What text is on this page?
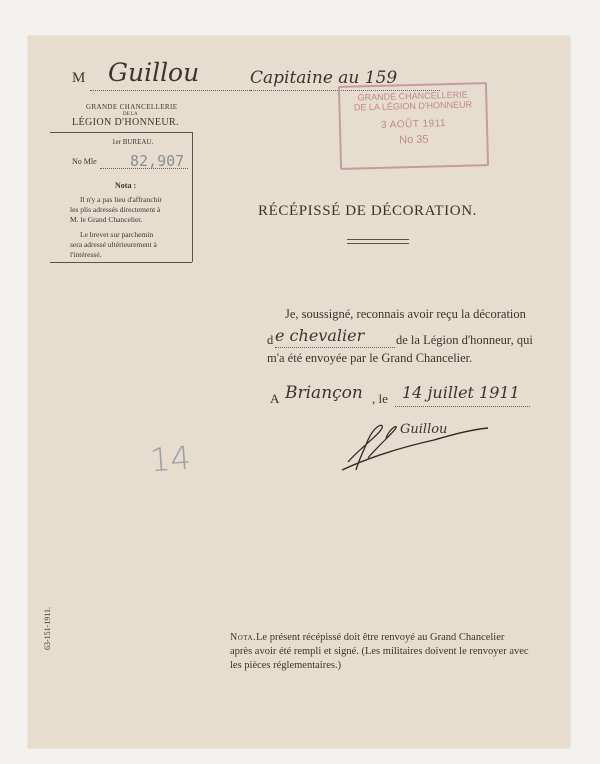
M Guillou	Capitaine au 159
GRANDE CHANCELLERIE
DE LA
LÉGION D'HONNEUR.
1er BUREAU.
No Mle 82,907
Nota :
Il n'y a pas lieu d'affranchir
les plis adressés directement à
M. le Grand Chancelier.
Le brevet sur parchemin
sera adressé ultérieurement à
l'intéressé.
GRANDE CHANCELLERIE
DE LA LÉGION D'HONNEUR
3 AOÛT 1911
No 35
RÉCÉPISSÉ DE DÉCORATION.
Je, soussigné, reconnais avoir reçu la décoration
d e chevalier	de la Légion d'honneur, qui
m'a été envoyée par le Grand Chancelier.
A Briançon , le 14 juillet 1911
Guillou
14
63-151-1911.	Nota. Le présent récépissé doit être renvoyé au Grand Chancelier
après avoir été rempli et signé. (Les militaires doivent le renvoyer avec
les pièces réglementaires.)
